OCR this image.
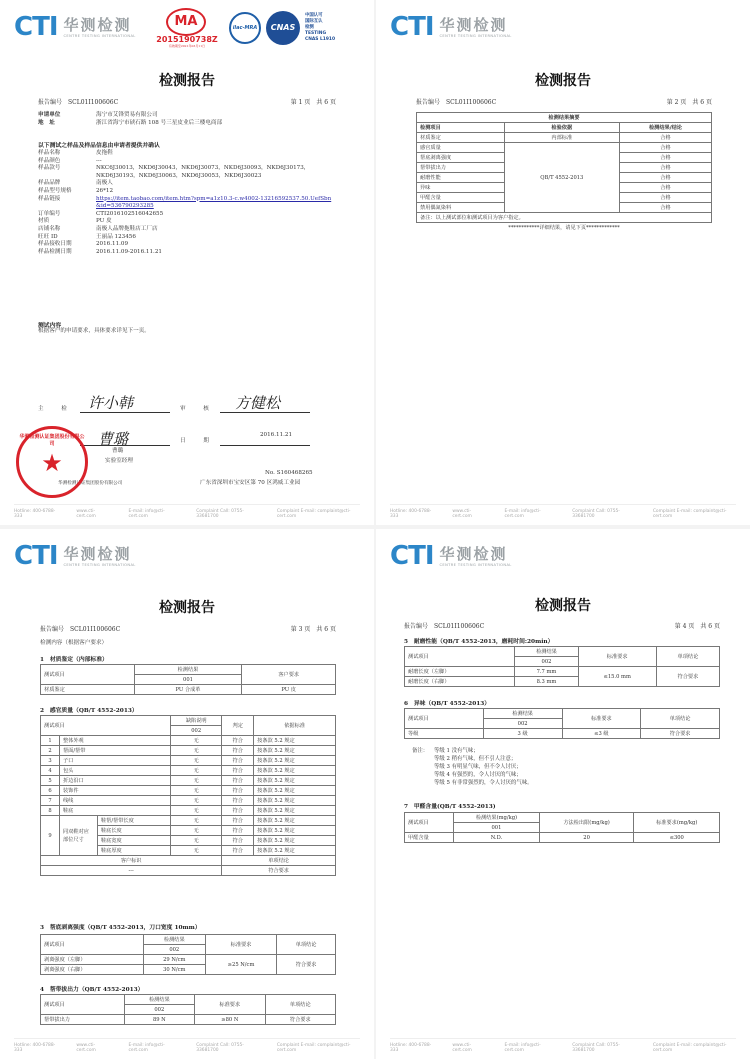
CTI 华测检测
CENTRE TESTING INTERNATIONAL
MA
2015190738Z
有效期至2021年03月11日
ilac-MRA	CNAS
中国认可
国际互认
检测
TESTING
CNAS L1910
检测报告
报告编号　 SCL01I100606C	第 1 页　 共 6 页
申请单位	海宁市艾锋贸易有限公司
地　址	浙江省海宁市硖石路 108 号三星皮业后三楼电商部
以下测试之样品及样品信息由申请者提供并确认
样品名称	皮拖鞋
样品颜色	---
样品款号	NKC6J30013，NKD6J30043，NKD6J30073，NKD6J30093，NKD6J30173，NKD6J30193，NKD6J30063，NKD6J30053，NKD6J30023
样品品牌	南极人
样品型号规格	26*12
样品链接	https://item.taobao.com/item.htm?spm=a1z10.3-c.w4002-13216592537.50.UefSbn&id=536790293285
订单编号	CTI2016102516042655
材质	PU 皮
店铺名称	南极人品牌拖鞋店工厂店
旺旺 ID	王丽品 123456
样品接收日期	2016.11.09
样品检测日期	2016.11.09-2016.11.21
测试内容
根据客户的申请要求，具体要求详见下一页。
主　检 许小韩	审　核 方健松
曹璐	日　期
2016.11.21
曹璐
实验室经理
No. S160468265
广东省深圳市宝安区第 70 区鸿威工业园
华测检测认证集团股份有限公司
华测检测认证集团股份有限公司
★
Hotline: 400-6788-333
www.cti-cert.com
E-mail: info@cti-cert.com
Complaint Call: 0755-33681700
Complaint E-mail: complaint@cti-cert.com
CTI 华测检测
CENTRE TESTING INTERNATIONAL
检测报告
报告编号　 SCL01I100606C	第 2 页　 共 6 页
检测结果摘要		
检测项目	检验依据	检测结果/结论
材质鉴定	内部标准	合格
感官质量	QB/T 4552-2013	合格
帮底剥离强度		合格
帮带拔出力		合格
耐磨性能		合格
异味		合格
甲醛含量		合格
禁用偶氮染料		合格
备注：以上测试部位和测试项目为客户指定。		
************详细结果，请见下页*************		
Hotline: 400-6788-333
www.cti-cert.com
E-mail: info@cti-cert.com
Complaint Call: 0755-33681700
Complaint E-mail: complaint@cti-cert.com
CTI 华测检测
CENTRE TESTING INTERNATIONAL
检测报告
报告编号　 SCL01I100606C	第 3 页　 共 6 页
检测内容（根据客户要求）
1　材质鉴定（内部标准）
测试项目	检测结果	客户要求
	001	
材质鉴定	PU 合成革	PU 皮
2　感官质量（QB/T 4552-2013）
测试项目			缺陷说明	判定	依据标准
			002		
1	整体外观		无	符合	按条款 5.2 规定
2	帮面/帮带		无	符合	按条款 5.2 规定
3	子口		无	符合	按条款 5.2 规定
4	包头		无	符合	按条款 5.2 规定
5	折边沿口		无	符合	按条款 5.2 规定
6	装饰件		无	符合	按条款 5.2 规定
7	线线		无	符合	按条款 5.2 规定
8	鞋底		无	符合	按条款 5.2 规定
9	同双鞋对应部位尺寸	鞋帮/帮带长度	无	符合	按条款 5.2 规定
		鞋底长度	无	符合	按条款 5.2 规定
		鞋底宽度	无	符合	按条款 5.2 规定
		鞋底厚度	无	符合	按条款 5.2 规定
客户标识				单项结论	
---				符合要求	
3　帮底剥离强度（QB/T 4552-2013，刀口宽度 10mm）
测试项目	检测结果	标准要求	单项结论
	002		
剥离强度（左脚）	29 N/cm	≥25 N/cm	符合要求
剥离强度（右脚）	30 N/cm		
4　帮带拔出力（QB/T 4552-2013）
测试项目	检测结果	标准要求	单项结论
	002		
帮带拔出力	89 N	≥80 N	符合要求
Hotline: 400-6788-333
www.cti-cert.com
E-mail: info@cti-cert.com
Complaint Call: 0755-33681700
Complaint E-mail: complaint@cti-cert.com
CTI 华测检测
CENTRE TESTING INTERNATIONAL
检测报告
报告编号　 SCL01I100606C	第 4 页　 共 6 页
5　耐磨性能（QB/T 4552-2013，磨耗时间:20min）
测试项目	检测结果	标准要求	单项结论
	002		
耐磨长度（左脚）	7.7 mm	≤15.0 mm	符合要求
耐磨长度（右脚）	8.3 mm		
6　异味（QB/T 4552-2013）
测试项目	检测结果	标准要求	单项结论
	002		
等级	3 级	≤3 级	符合要求
备注： 等级 1 没有气味；
等级 2 稍有气味，但不引人注意；
等级 3 有明显气味，但不令人讨厌；
等级 4 有强烈的，令人讨厌的气味；
等级 5 有非常强烈的，令人讨厌的气味。
7　甲醛含量(QB/T 4552-2013)
测试项目	检测结果(mg/kg)	方法检出限(mg/kg)	标准要求(mg/kg)
	001		
甲醛含量	N.D.	20	≤300
Hotline: 400-6788-333
www.cti-cert.com
E-mail: info@cti-cert.com
Complaint Call: 0755-33681700
Complaint E-mail: complaint@cti-cert.com
